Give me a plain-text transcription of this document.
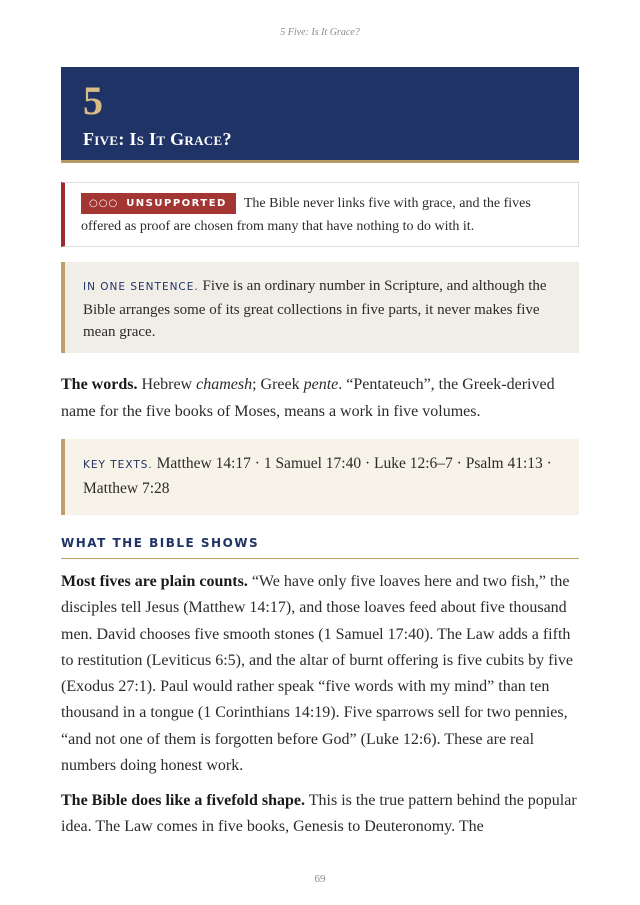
5 Five: Is It Grace?
5
Five: Is It Grace?
○○○ UNSUPPORTED The Bible never links five with grace, and the fives offered as proof are chosen from many that have nothing to do with it.
IN ONE SENTENCE. Five is an ordinary number in Scripture, and although the Bible arranges some of its great collections in five parts, it never makes five mean grace.
The words. Hebrew chamesh; Greek pente. “Pentateuch”, the Greek-derived name for the five books of Moses, means a work in five volumes.
KEY TEXTS. Matthew 14:17 · 1 Samuel 17:40 · Luke 12:6–7 · Psalm 41:13 · Matthew 7:28
WHAT THE BIBLE SHOWS
Most fives are plain counts. “We have only five loaves here and two fish,” the disciples tell Jesus (Matthew 14:17), and those loaves feed about five thousand men. David chooses five smooth stones (1 Samuel 17:40). The Law adds a fifth to restitution (Leviticus 6:5), and the altar of burnt offering is five cubits by five (Exodus 27:1). Paul would rather speak “five words with my mind” than ten thousand in a tongue (1 Corinthians 14:19). Five sparrows sell for two pennies, “and not one of them is forgotten before God” (Luke 12:6). These are real numbers doing honest work.
The Bible does like a fivefold shape. This is the true pattern behind the popular idea. The Law comes in five books, Genesis to Deuteronomy. The
69
